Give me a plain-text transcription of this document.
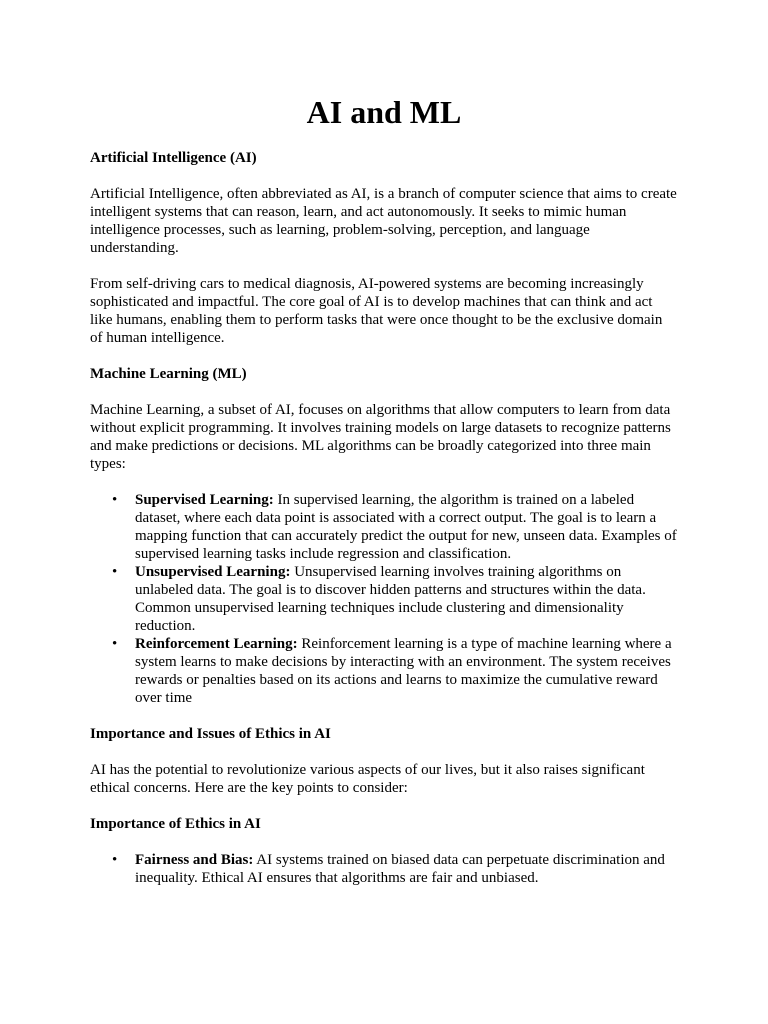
AI and ML
Artificial Intelligence (AI)

Artificial Intelligence, often abbreviated as AI, is a branch of computer science that aims to create intelligent systems that can reason, learn, and act autonomously. It seeks to mimic human intelligence processes, such as learning, problem-solving, perception, and language understanding.

From self-driving cars to medical diagnosis, AI-powered systems are becoming increasingly sophisticated and impactful. The core goal of AI is to develop machines that can think and act like humans, enabling them to perform tasks that were once thought to be the exclusive domain of human intelligence.

Machine Learning (ML)

Machine Learning, a subset of AI, focuses on algorithms that allow computers to learn from data without explicit programming. It involves training models on large datasets to recognize patterns and make predictions or decisions. ML algorithms can be broadly categorized into three main types:

• Supervised Learning: In supervised learning, the algorithm is trained on a labeled dataset, where each data point is associated with a correct output. The goal is to learn a mapping function that can accurately predict the output for new, unseen data. Examples of supervised learning tasks include regression and classification.
• Unsupervised Learning: Unsupervised learning involves training algorithms on unlabeled data. The goal is to discover hidden patterns and structures within the data. Common unsupervised learning techniques include clustering and dimensionality reduction.
• Reinforcement Learning: Reinforcement learning is a type of machine learning where a system learns to make decisions by interacting with an environment. The system receives rewards or penalties based on its actions and learns to maximize the cumulative reward over time
Importance and Issues of Ethics in AI

AI has the potential to revolutionize various aspects of our lives, but it also raises significant ethical concerns. Here are the key points to consider:

Importance of Ethics in AI
• Fairness and Bias: AI systems trained on biased data can perpetuate discrimination and inequality. Ethical AI ensures that algorithms are fair and unbiased.
